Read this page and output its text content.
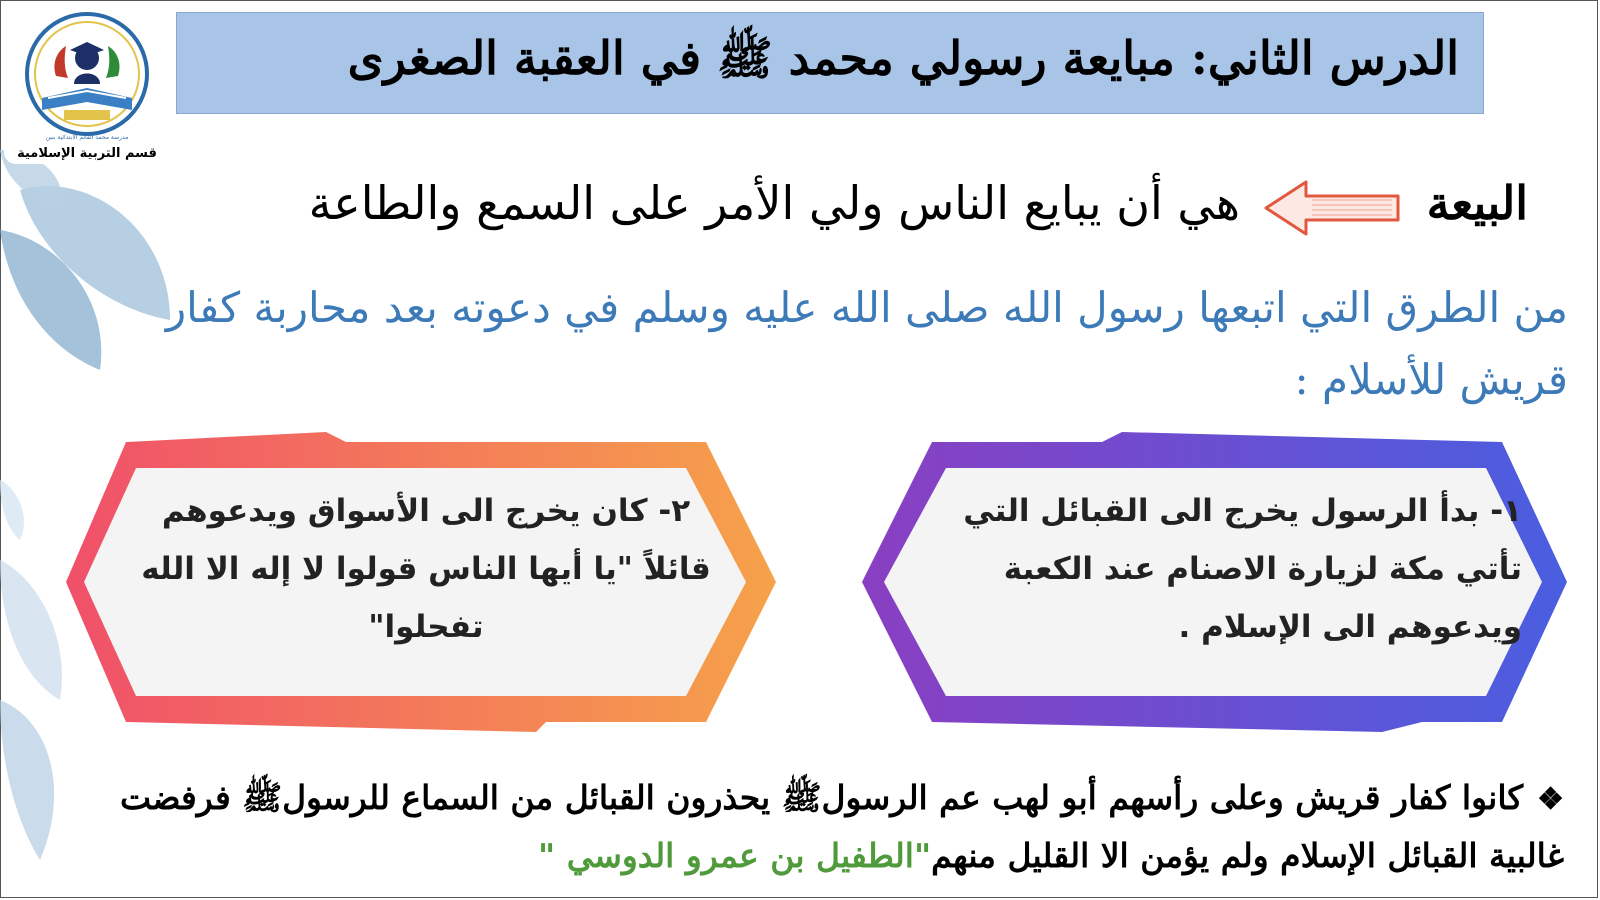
مدرسة محمد القائم الابتدائية بنين
قسم التربية الإسلامية
الدرس الثاني: مبايعة رسولي محمد ﷺ في العقبة الصغرى
البيعة
هي أن يبايع الناس ولي الأمر على السمع والطاعة
من الطرق التي اتبعها رسول الله صلى الله عليه وسلم في دعوته بعد محاربة كفار قريش للأسلام :
٢- كان يخرج الى الأسواق ويدعوهم قائلاً "يا أيها الناس قولوا لا إله الا الله تفحلوا"
١- بدأ الرسول يخرج الى القبائل التي تأتي مكة لزيارة الاصنام عند الكعبة ويدعوهم الى الإسلام .
❖كانوا كفار قريش وعلى رأسهم أبو لهب عم الرسولﷺ يحذرون القبائل من السماع للرسولﷺ فرفضت غالبية القبائل الإسلام ولم يؤمن الا القليل منهم"الطفيل بن عمرو الدوسي "
